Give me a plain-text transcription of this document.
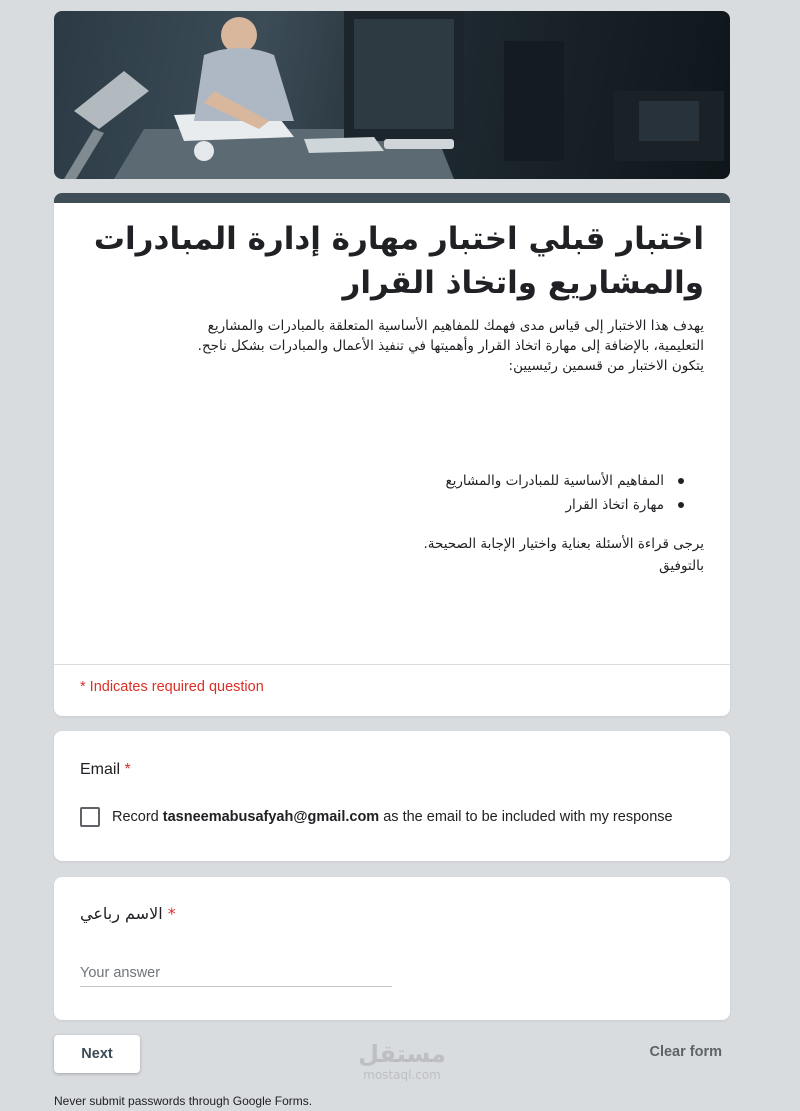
اختبار قبلي اختبار مهارة إدارة المبادرات والمشاريع واتخاذ القرار
يهدف هذا الاختبار إلى قياس مدى فهمك للمفاهيم الأساسية المتعلقة بالمبادرات والمشاريع
التعليمية، بالإضافة إلى مهارة اتخاذ القرار وأهميتها في تنفيذ الأعمال والمبادرات بشكل ناجح.
يتكون الاختبار من قسمين رئيسيين:
المفاهيم الأساسية للمبادرات والمشاريع
مهارة اتخاذ القرار
يرجى قراءة الأسئلة بعناية واختيار الإجابة الصحيحة.
بالتوفيق
* Indicates required question
Email *
Record tasneemabusafyah@gmail.com as the email to be included with my response
الاسم رباعي *
Your answer
Next	مستقل
mostaql.com
Clear form
Never submit passwords through Google Forms.
